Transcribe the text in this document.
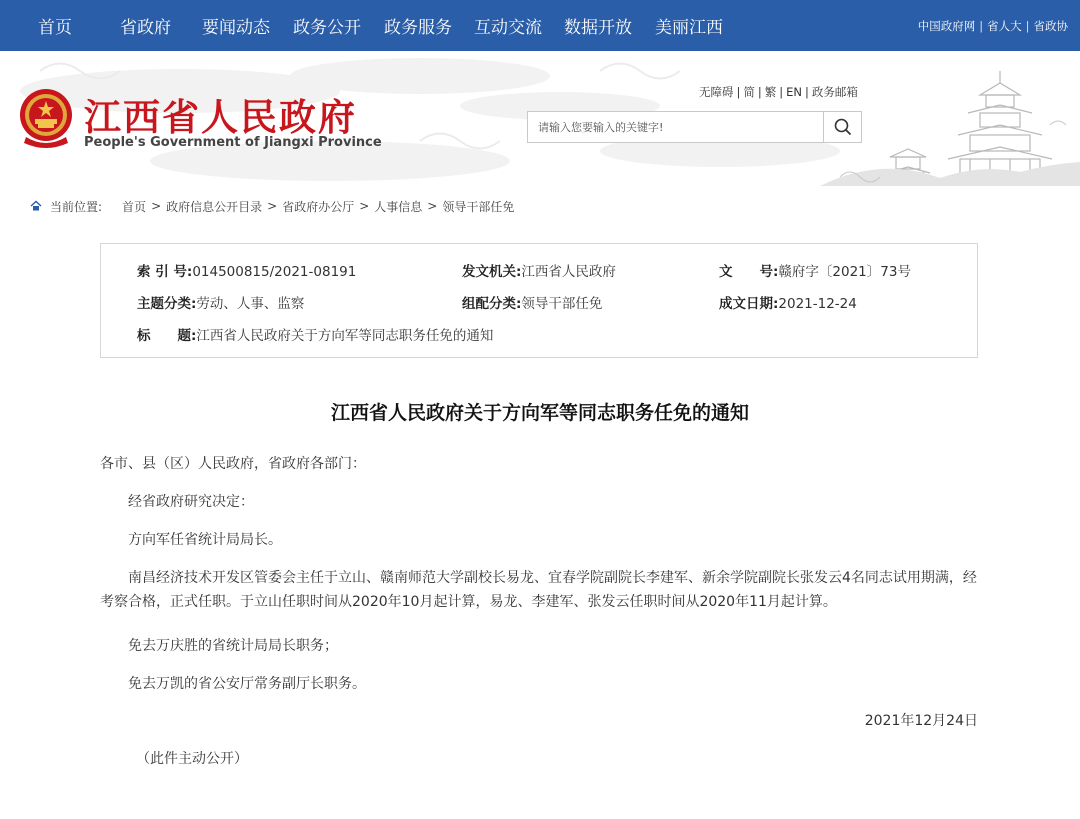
首页	省政府	要闻动态	政务公开	政务服务	互动交流	数据开放	美丽江西	中国政府网 | 省人大 | 省政协
江西省人民政府
People's Government of Jiangxi Province
无障碍 | 简 | 繁 | EN | 政务邮箱
请输入您要输入的关键字!
当前位置: 首页 > 政府信息公开目录 > 省政府办公厅 > 人事信息 > 领导干部任免
索 引 号:014500815/2021-08191	发文机关:江西省人民政府	文　　号:赣府字〔2021〕73号
主题分类:劳动、人事、监察	组配分类:领导干部任免	成文日期:2021-12-24
标　　题:江西省人民政府关于方向军等同志职务任免的通知
江西省人民政府关于方向军等同志职务任免的通知

各市、县（区）人民政府，省政府各部门：

经省政府研究决定：

方向军任省统计局局长。

南昌经济技术开发区管委会主任于立山、赣南师范大学副校长易龙、宜春学院副院长李建军、新余学院副院长张发云4名同志试用期满，经考察合格，正式任职。于立山任职时间从2020年10月起计算，易龙、李建军、张发云任职时间从2020年11月起计算。

免去万庆胜的省统计局局长职务；

免去万凯的省公安厅常务副厅长职务。

2021年12月24日

（此件主动公开）
